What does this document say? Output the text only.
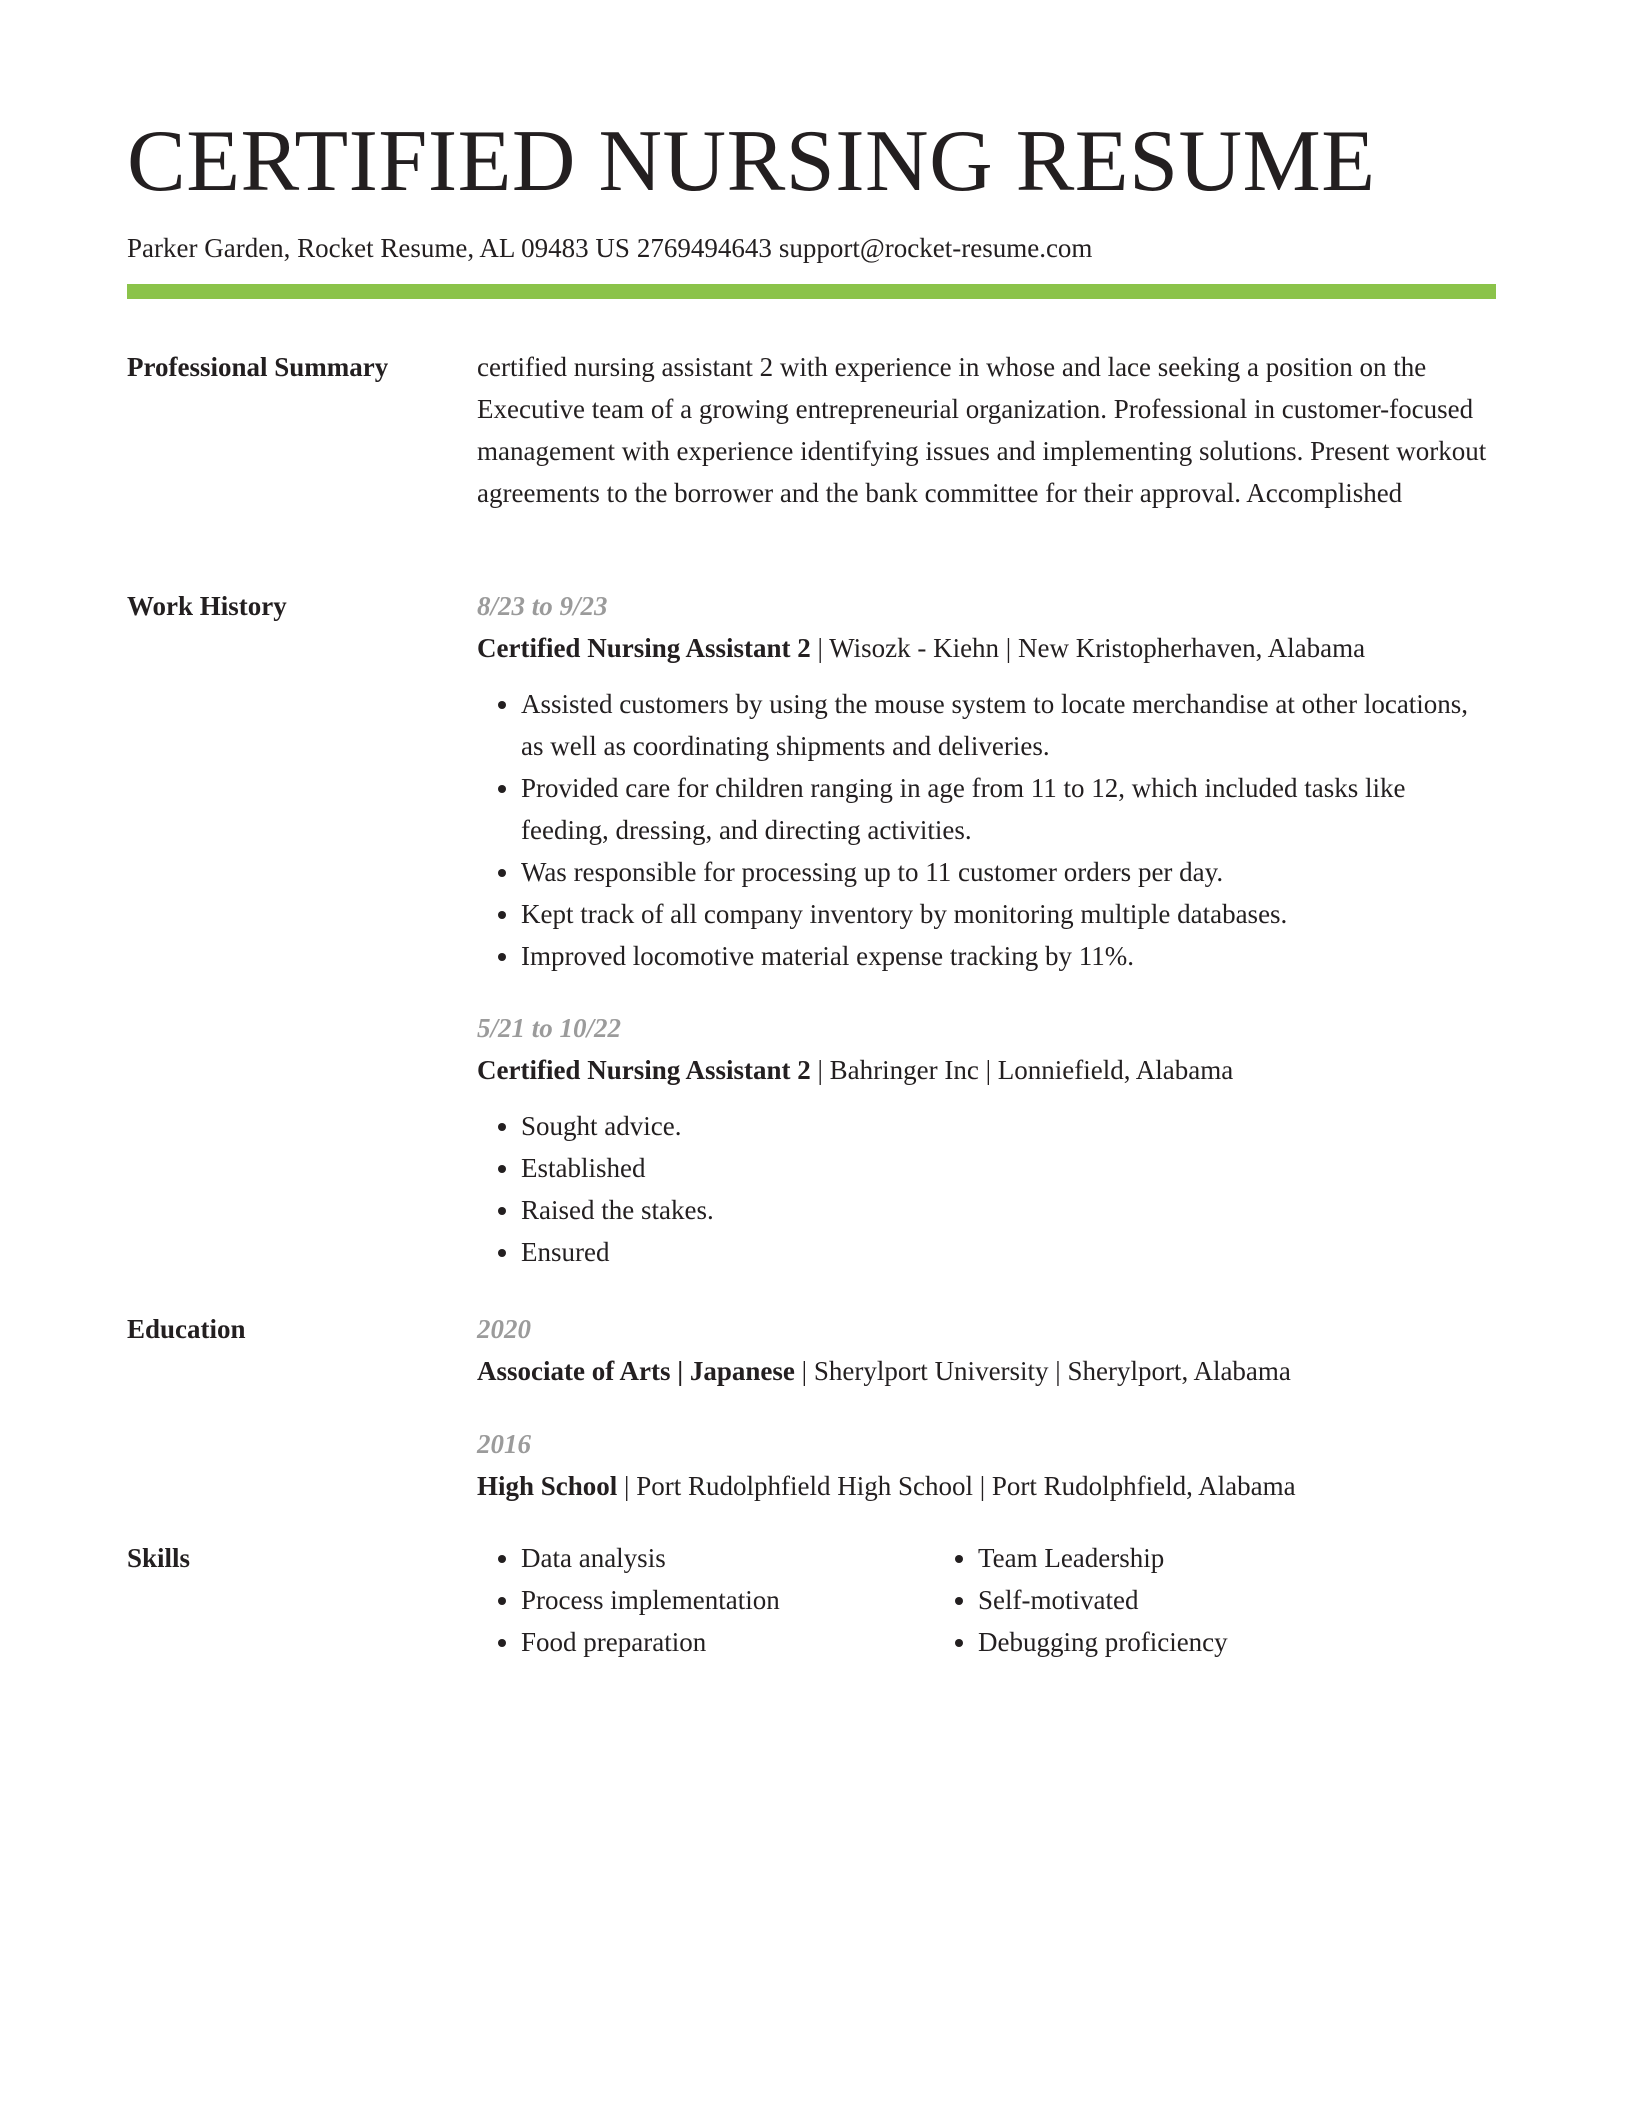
CERTIFIED NURSING RESUME
Parker Garden, Rocket Resume, AL 09483 US 2769494643 support@rocket-resume.com
Professional Summary	certified nursing assistant 2 with experience in whose and lace seeking a position on the Executive team of a growing entrepreneurial organization. Professional in customer-focused management with experience identifying issues and implementing solutions. Present workout agreements to the borrower and the bank committee for their approval. Accomplished

Work History	8/23 to 9/23
Certified Nursing Assistant 2 | Wisozk - Kiehn | New Kristopherhaven, Alabama
• Assisted customers by using the mouse system to locate merchandise at other locations, as well as coordinating shipments and deliveries.
• Provided care for children ranging in age from 11 to 12, which included tasks like feeding, dressing, and directing activities.
• Was responsible for processing up to 11 customer orders per day.
• Kept track of all company inventory by monitoring multiple databases.
• Improved locomotive material expense tracking by 11%.
5/21 to 10/22
Certified Nursing Assistant 2 | Bahringer Inc | Lonniefield, Alabama
• Sought advice.
• Established
• Raised the stakes.
• Ensured
Education	2020
Associate of Arts | Japanese | Sherylport University | Sherylport, Alabama
2016
High School | Port Rudolphfield High School | Port Rudolphfield, Alabama
Skills
•	Data analysis
• Process implementation
• Food preparation
• Team Leadership
• Self-motivated
• Debugging proficiency
